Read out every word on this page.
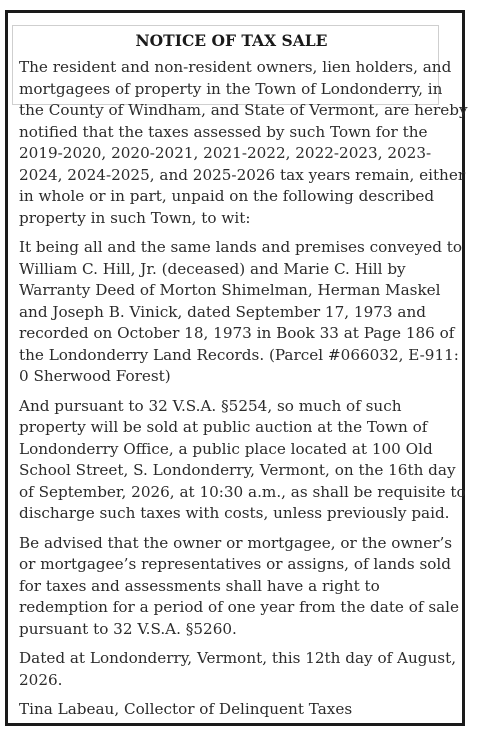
NOTICE OF TAX SALE

The resident and non-resident owners, lien holders, and mortgagees of property in the Town of Londonderry, in the County of Windham, and State of Vermont, are hereby notified that the taxes assessed by such Town for the 2019-2020, 2020-2021, 2021-2022, 2022-2023, 2023-2024, 2024-2025, and 2025-2026 tax years remain, either in whole or in part, unpaid on the following described property in such Town, to wit:

It being all and the same lands and premises conveyed to William C. Hill, Jr. (deceased) and Marie C. Hill by Warranty Deed of Morton Shimelman, Herman Maskel and Joseph B. Vinick, dated September 17, 1973 and recorded on October 18, 1973 in Book 33 at Page 186 of the Londonderry Land Records. (Parcel #066032, E-911: 0 Sherwood Forest)

And pursuant to 32 V.S.A. §5254, so much of such property will be sold at public auction at the Town of Londonderry Office, a public place located at 100 Old School Street, S. Londonderry, Vermont, on the 16th day of September, 2026, at 10:30 a.m., as shall be requisite to discharge such taxes with costs, unless previously paid.

Be advised that the owner or mortgagee, or the owner’s or mortgagee’s representatives or assigns, of lands sold for taxes and assessments shall have a right to redemption for a period of one year from the date of sale pursuant to 32 V.S.A. §5260.

Dated at Londonderry, Vermont, this 12th day of August, 2026.

Tina Labeau, Collector of Delinquent Taxes
